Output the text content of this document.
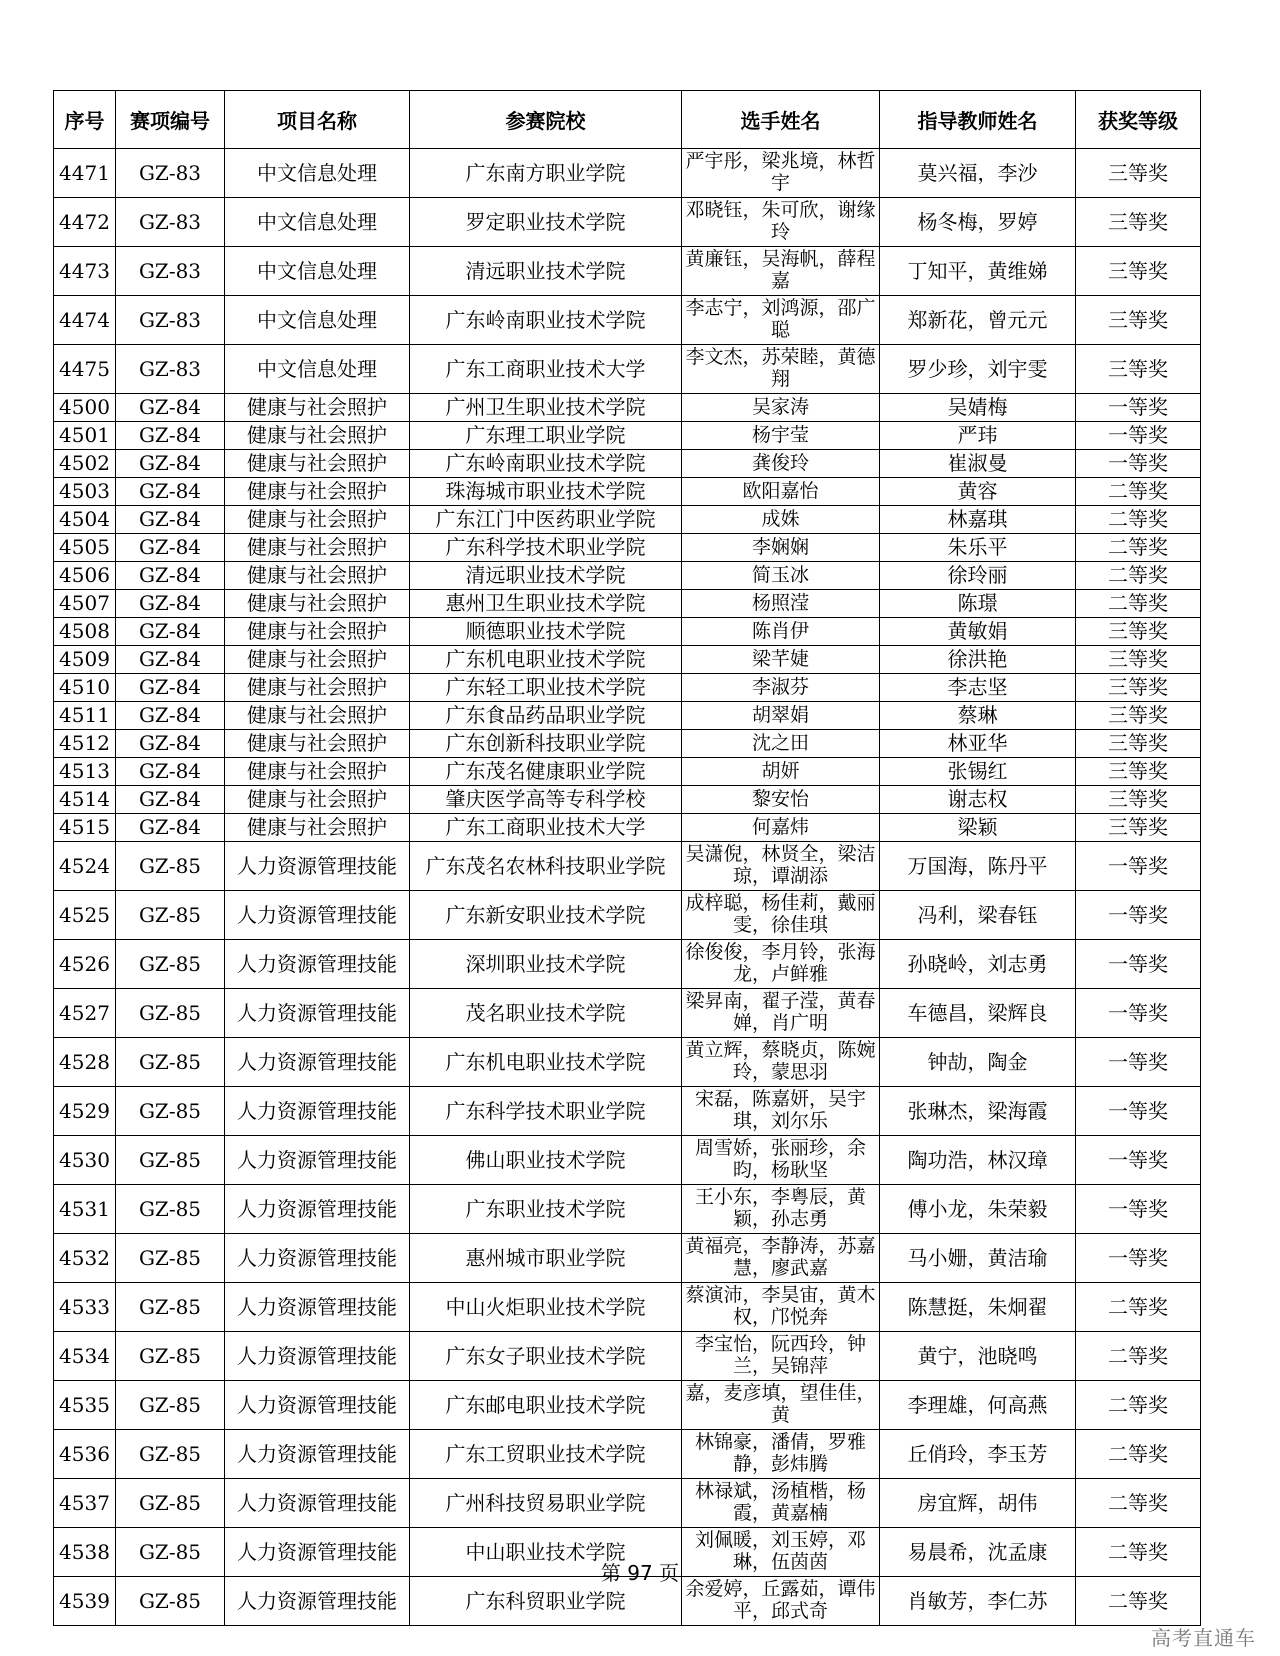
序号	赛项编号	项目名称	参赛院校	选手姓名	指导教师姓名	获奖等级
4471	GZ-83	中文信息处理	广东南方职业学院	严宇彤，梁兆境，林哲宇	莫兴福，李沙	三等奖
4472	GZ-83	中文信息处理	罗定职业技术学院	邓晓钰，朱可欣，谢缘玲	杨冬梅，罗婷	三等奖
4473	GZ-83	中文信息处理	清远职业技术学院	黄廉钰，吴海帆，薛程嘉	丁知平，黄维娣	三等奖
4474	GZ-83	中文信息处理	广东岭南职业技术学院	李志宁，刘鸿源，邵广聪	郑新花，曾元元	三等奖
4475	GZ-83	中文信息处理	广东工商职业技术大学	李文杰，苏荣睦，黄德翔	罗少珍，刘宇雯	三等奖
4500	GZ-84	健康与社会照护	广州卫生职业技术学院	吴家涛	吴婧梅	一等奖
4501	GZ-84	健康与社会照护	广东理工职业学院	杨宇莹	严玮	一等奖
4502	GZ-84	健康与社会照护	广东岭南职业技术学院	龚俊玲	崔淑曼	一等奖
4503	GZ-84	健康与社会照护	珠海城市职业技术学院	欧阳嘉怡	黄容	二等奖
4504	GZ-84	健康与社会照护	广东江门中医药职业学院	成姝	林嘉琪	二等奖
4505	GZ-84	健康与社会照护	广东科学技术职业学院	李娴娴	朱乐平	二等奖
4506	GZ-84	健康与社会照护	清远职业技术学院	简玉冰	徐玲丽	二等奖
4507	GZ-84	健康与社会照护	惠州卫生职业技术学院	杨照滢	陈璟	二等奖
4508	GZ-84	健康与社会照护	顺德职业技术学院	陈肖伊	黄敏娟	三等奖
4509	GZ-84	健康与社会照护	广东机电职业技术学院	梁芊婕	徐洪艳	三等奖
4510	GZ-84	健康与社会照护	广东轻工职业技术学院	李淑芬	李志坚	三等奖
4511	GZ-84	健康与社会照护	广东食品药品职业学院	胡翠娟	蔡琳	三等奖
4512	GZ-84	健康与社会照护	广东创新科技职业学院	沈之田	林亚华	三等奖
4513	GZ-84	健康与社会照护	广东茂名健康职业学院	胡妍	张锡红	三等奖
4514	GZ-84	健康与社会照护	肇庆医学高等专科学校	黎安怡	谢志权	三等奖
4515	GZ-84	健康与社会照护	广东工商职业技术大学	何嘉炜	梁颖	三等奖
4524	GZ-85	人力资源管理技能	广东茂名农林科技职业学院	吴潇倪，林贤全，梁洁琼，谭湖添	万国海，陈丹平	一等奖
4525	GZ-85	人力资源管理技能	广东新安职业技术学院	成梓聪，杨佳莉，戴丽雯，徐佳琪	冯利，梁春钰	一等奖
4526	GZ-85	人力资源管理技能	深圳职业技术学院	徐俊俊，李月铃，张海龙，卢鲜雅	孙晓岭，刘志勇	一等奖
4527	GZ-85	人力资源管理技能	茂名职业技术学院	梁昇南，翟子滢，黄春婵，肖广明	车德昌，梁辉良	一等奖
4528	GZ-85	人力资源管理技能	广东机电职业技术学院	黄立辉，蔡晓贞，陈婉玲，蒙思羽	钟劼，陶金	一等奖
4529	GZ-85	人力资源管理技能	广东科学技术职业学院	宋磊，陈嘉妍，吴宇琪，刘尔乐	张琳杰，梁海霞	一等奖
4530	GZ-85	人力资源管理技能	佛山职业技术学院	周雪娇，张丽珍，余昀，杨耿坚	陶功浩，林汉璋	一等奖
4531	GZ-85	人力资源管理技能	广东职业技术学院	王小东，李粤辰，黄颖，孙志勇	傅小龙，朱荣毅	一等奖
4532	GZ-85	人力资源管理技能	惠州城市职业学院	黄福亮，李静涛，苏嘉慧，廖武嘉	马小姗，黄洁瑜	一等奖
4533	GZ-85	人力资源管理技能	中山火炬职业技术学院	蔡演沛，李昊宙，黄木权，邝悦奔	陈慧挺，朱炯翟	二等奖
4534	GZ-85	人力资源管理技能	广东女子职业技术学院	李宝怡，阮西玲，钟兰，吴锦萍	黄宁，池晓鸣	二等奖
4535	GZ-85	人力资源管理技能	广东邮电职业技术学院	嘉，麦彦填，望佳佳，黄	李理雄，何高燕	二等奖
4536	GZ-85	人力资源管理技能	广东工贸职业技术学院	林锦豪，潘倩，罗雅静，彭炜腾	丘俏玲，李玉芳	二等奖
4537	GZ-85	人力资源管理技能	广州科技贸易职业学院	林禄斌，汤植楷，杨霞，黄嘉楠	房宜辉，胡伟	二等奖
4538	GZ-85	人力资源管理技能	中山职业技术学院	刘佩暖，刘玉婷，邓琳，伍茵茵	易晨希，沈孟康	二等奖
4539	GZ-85	人力资源管理技能	广东科贸职业学院	余爱婷，丘露茹，谭伟平，邱式奇	肖敏芳，李仁苏	二等奖
第 97 页
高考直通车
